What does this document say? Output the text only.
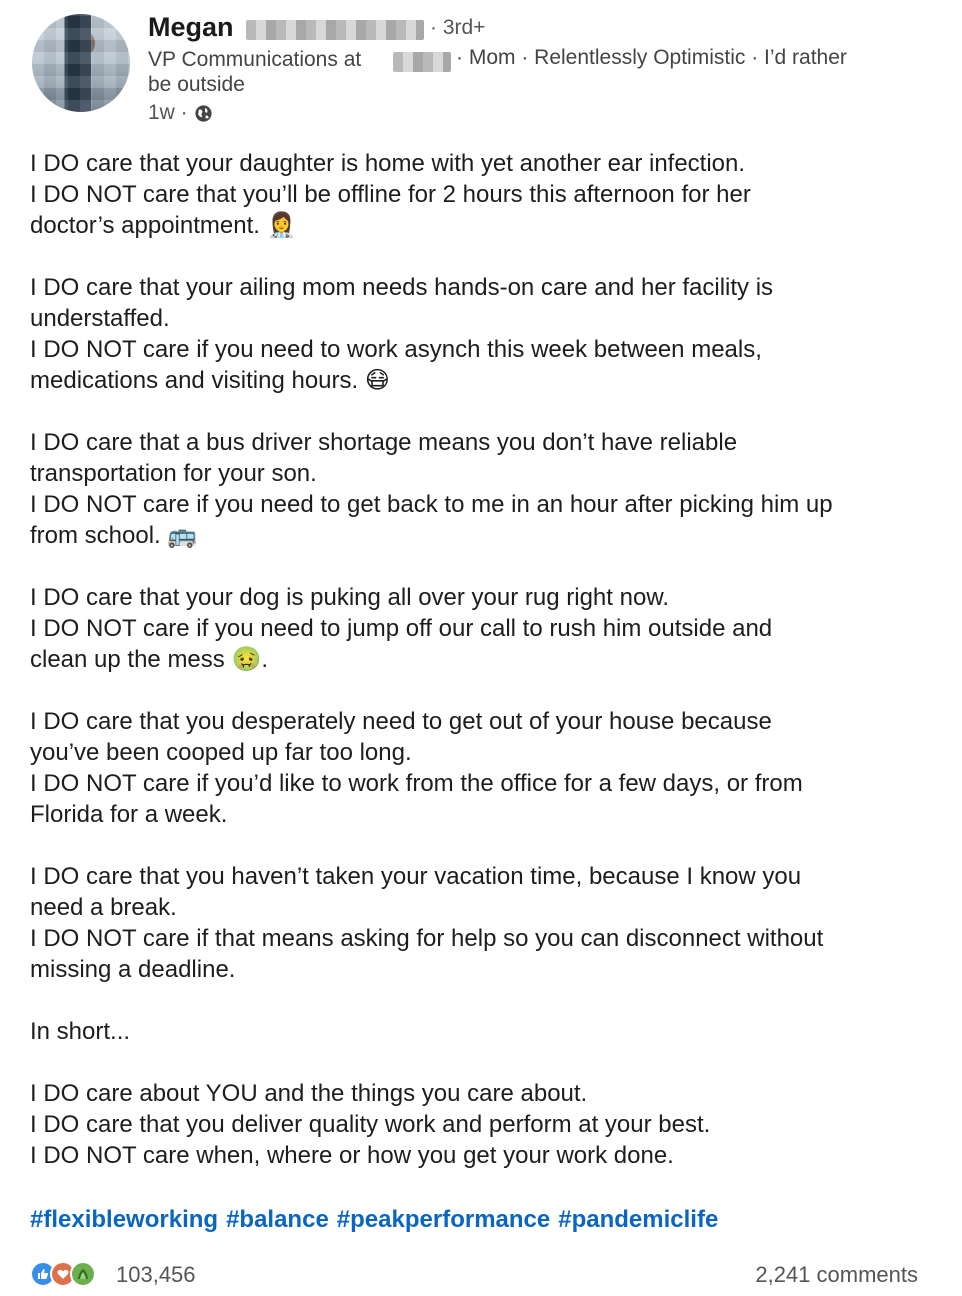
Megan	· 3rd+
VP Communications at	· Mom · Relentlessly Optimistic · I’d rather
be outside
1w ·
I DO care that your daughter is home with yet another ear infection.
I DO NOT care that you’ll be offline for 2 hours this afternoon for her
doctor’s appointment. 👩‍⚕️
I DO care that your ailing mom needs hands-on care and her facility is
understaffed.
I DO NOT care if you need to work asynch this week between meals,
medications and visiting hours. 😷
I DO care that a bus driver shortage means you don’t have reliable
transportation for your son.
I DO NOT care if you need to get back to me in an hour after picking him up
from school. 🚌
I DO care that your dog is puking all over your rug right now.
I DO NOT care if you need to jump off our call to rush him outside and
clean up the mess 🤢.
I DO care that you desperately need to get out of your house because
you’ve been cooped up far too long.
I DO NOT care if you’d like to work from the office for a few days, or from
Florida for a week.
I DO care that you haven’t taken your vacation time, because I know you
need a break.
I DO NOT care if that means asking for help so you can disconnect without
missing a deadline.
In short...
I DO care about YOU and the things you care about.
I DO care that you deliver quality work and perform at your best.
I DO NOT care when, where or how you get your work done.
#flexibleworking #balance #peakperformance #pandemiclife
103,456	2,241 comments
